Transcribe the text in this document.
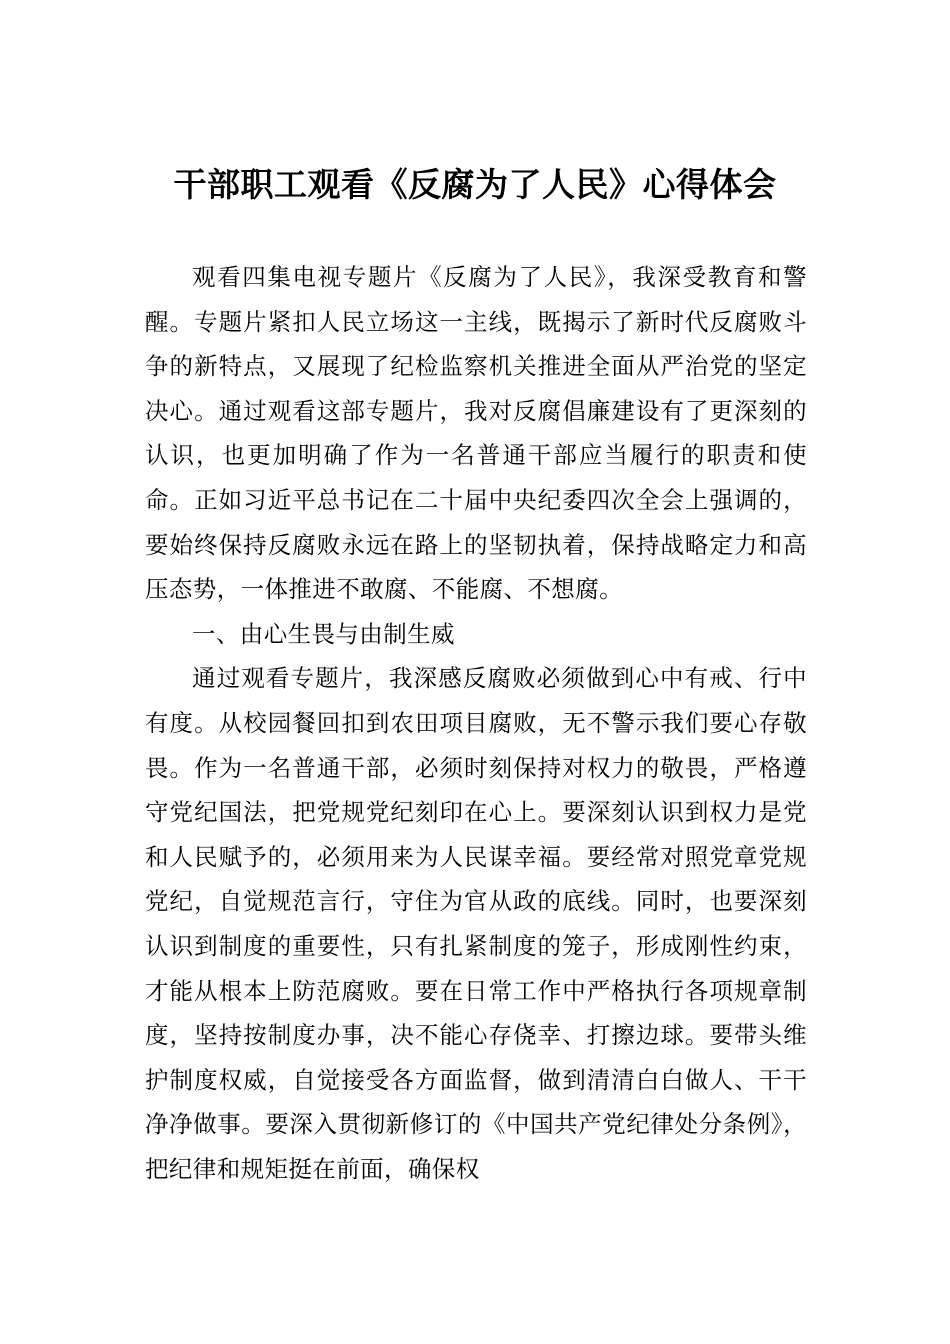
干部职工观看《反腐为了人民》心得体会

观看四集电视专题片《反腐为了人民》，我深受教育和警醒。专题片紧扣人民立场这一主线，既揭示了新时代反腐败斗争的新特点，又展现了纪检监察机关推进全面从严治党的坚定决心。通过观看这部专题片，我对反腐倡廉建设有了更深刻的认识，也更加明确了作为一名普通干部应当履行的职责和使命。正如习近平总书记在二十届中央纪委四次全会上强调的，要始终保持反腐败永远在路上的坚韧执着，保持战略定力和高压态势，一体推进不敢腐、不能腐、不想腐。

一、由心生畏与由制生威

通过观看专题片，我深感反腐败必须做到心中有戒、行中有度。从校园餐回扣到农田项目腐败，无不警示我们要心存敬畏。作为一名普通干部，必须时刻保持对权力的敬畏，严格遵守党纪国法，把党规党纪刻印在心上。要深刻认识到权力是党和人民赋予的，必须用来为人民谋幸福。要经常对照党章党规党纪，自觉规范言行，守住为官从政的底线。同时，也要深刻认识到制度的重要性，只有扎紧制度的笼子，形成刚性约束，才能从根本上防范腐败。要在日常工作中严格执行各项规章制度，坚持按制度办事，决不能心存侥幸、打擦边球。要带头维护制度权威，自觉接受各方面监督，做到清清白白做人、干干净净做事。要深入贯彻新修订的《中国共产党纪律处分条例》，把纪律和规矩挺在前面，确保权
